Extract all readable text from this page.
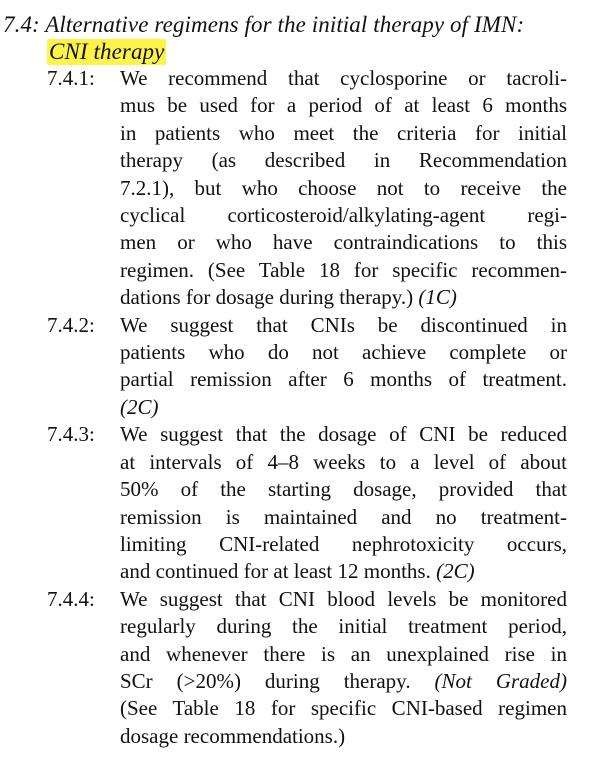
7.4: Alternative regimens for the initial therapy of IMN:
CNI therapy
7.4.1: We recommend that cyclosporine or tacroli-
mus be used for a period of at least 6 months
in patients who meet the criteria for initial
therapy (as described in Recommendation
7.2.1), but who choose not to receive the
cyclical corticosteroid/alkylating-agent regi-
men or who have contraindications to this
regimen. (See Table 18 for specific recommen-
dations for dosage during therapy.) (1C)
7.4.2: We suggest that CNIs be discontinued in
patients who do not achieve complete or
partial remission after 6 months of treatment.
(2C)
7.4.3: We suggest that the dosage of CNI be reduced
at intervals of 4–8 weeks to a level of about
50% of the starting dosage, provided that
remission is maintained and no treatment-
limiting CNI-related nephrotoxicity occurs,
and continued for at least 12 months. (2C)
7.4.4: We suggest that CNI blood levels be monitored
regularly during the initial treatment period,
and whenever there is an unexplained rise in
SCr (>20%) during therapy. (Not Graded)
(See Table 18 for specific CNI-based regimen
dosage recommendations.)
